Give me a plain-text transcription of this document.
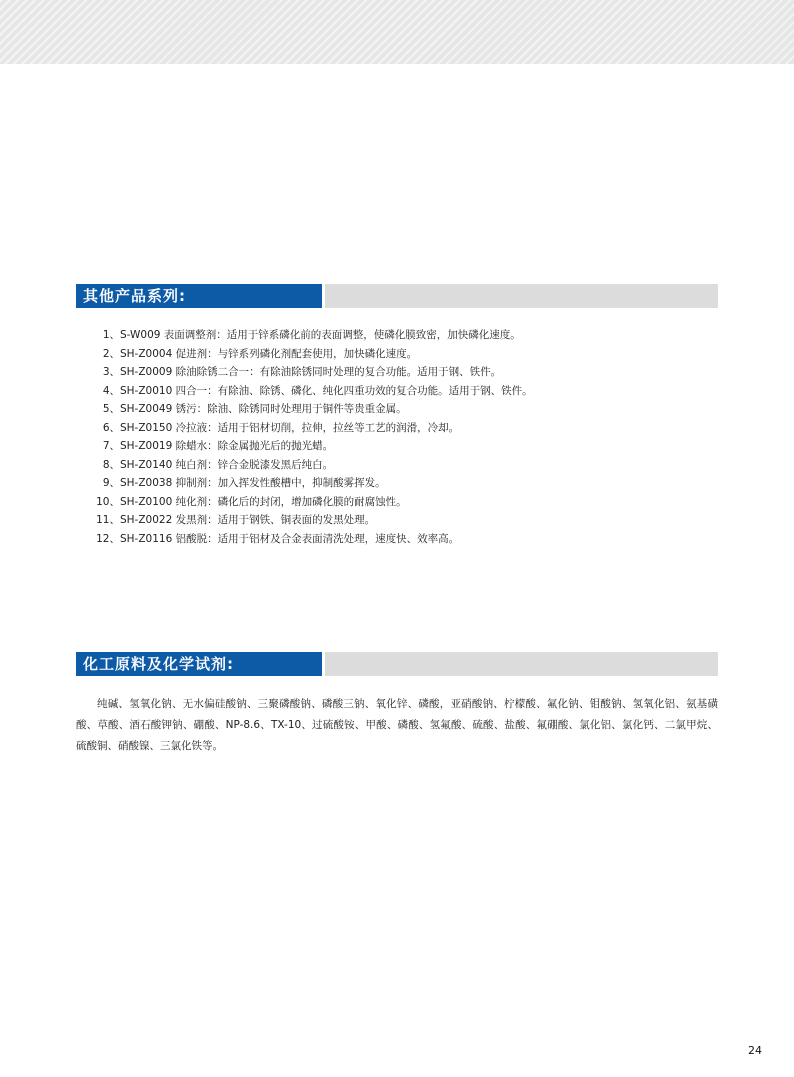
其他产品系列:
1、S-W009 表面调整剂：适用于锌系磷化前的表面调整，使磷化膜致密，加快磷化速度。
2、SH-Z0004 促进剂：与锌系列磷化剂配套使用，加快磷化速度。
3、SH-Z0009 除油除锈二合一：有除油除锈同时处理的复合功能。适用于钢、铁件。
4、SH-Z0010 四合一：有除油、除锈、磷化、纯化四重功效的复合功能。适用于钢、铁件。
5、SH-Z0049 锈污：除油、除锈同时处理用于铜件等贵重金属。
6、SH-Z0150 冷拉液：适用于铝材切削，拉伸，拉丝等工艺的润滑，冷却。
7、SH-Z0019 除蜡水：除金属抛光后的抛光蜡。
8、SH-Z0140 纯白剂：锌合金脱漆发黑后纯白。
9、SH-Z0038 抑制剂：加入挥发性酸槽中，抑制酸雾挥发。
10、SH-Z0100 纯化剂：磷化后的封闭，增加磷化膜的耐腐蚀性。
11、SH-Z0022 发黑剂：适用于钢铁、铜表面的发黑处理。
12、SH-Z0116 铝酸脱：适用于铝材及合金表面清洗处理，速度快、效率高。
化工原料及化学试剂:

纯碱、氢氧化钠、无水偏硅酸钠、三聚磷酸钠、磷酸三钠、氧化锌、磷酸，亚硝酸钠、柠檬酸、氟化钠、钼酸钠、氢氧化铝、氨基磺酸、草酸、酒石酸钾钠、硼酸、NP-8.6、TX-10、过硫酸铵、甲酸、磷酸、氢氟酸、硫酸、盐酸、氟硼酸、氯化铝、氯化钙、二氯甲烷、硫酸铜、硝酸镍、三氯化铁等。

24
